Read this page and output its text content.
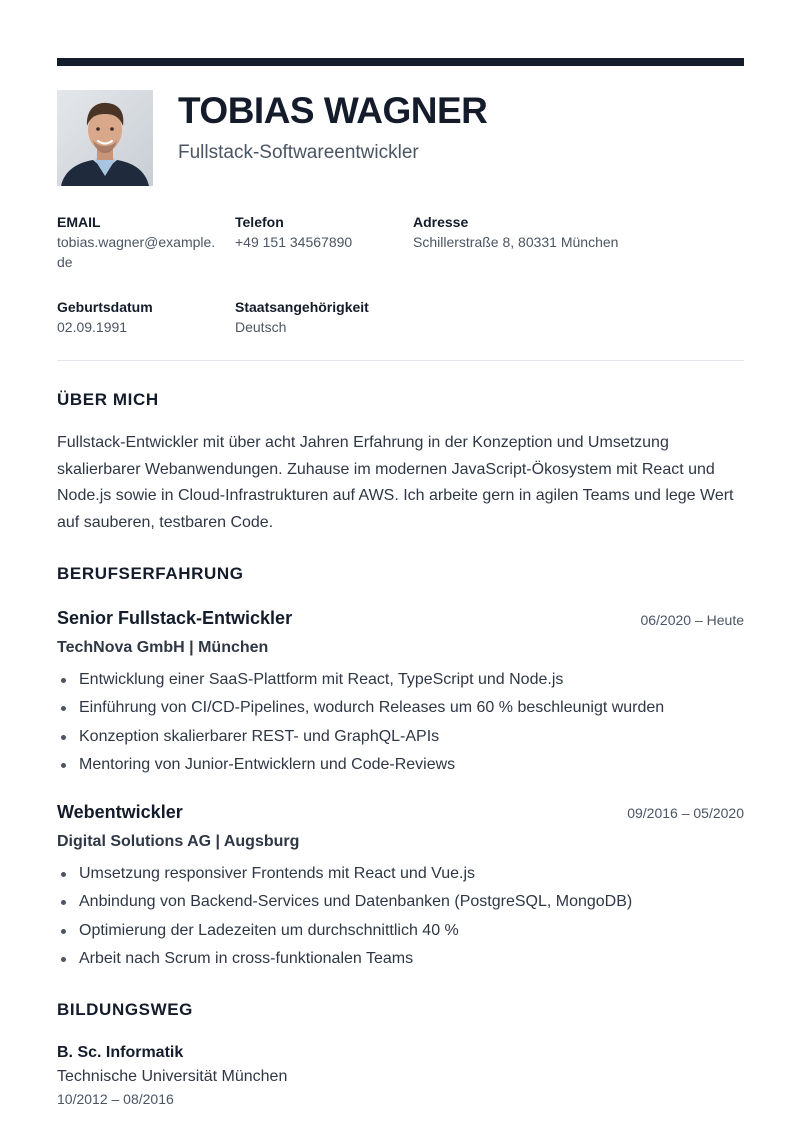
TOBIAS WAGNER
Fullstack-Softwareentwickler
EMAIL
tobias.wagner@example.de
Telefon
+49 151 34567890
Adresse
Schillerstraße 8, 80331 München
Geburtsdatum
02.09.1991
Staatsangehörigkeit
Deutsch
ÜBER MICH

Fullstack-Entwickler mit über acht Jahren Erfahrung in der Konzeption und Umsetzung skalierbarer Webanwendungen. Zuhause im modernen JavaScript-Ökosystem mit React und Node.js sowie in Cloud-Infrastrukturen auf AWS. Ich arbeite gern in agilen Teams und lege Wert auf sauberen, testbaren Code.

BERUFSERFAHRUNG
Senior Fullstack-Entwickler	06/2020 – Heute
TechNova GmbH | München
Entwicklung einer SaaS-Plattform mit React, TypeScript und Node.js
Einführung von CI/CD-Pipelines, wodurch Releases um 60 % beschleunigt wurden
Konzeption skalierbarer REST- und GraphQL-APIs
Mentoring von Junior-Entwicklern und Code-Reviews
Webentwickler	09/2016 – 05/2020
Digital Solutions AG | Augsburg
Umsetzung responsiver Frontends mit React und Vue.js
Anbindung von Backend-Services und Datenbanken (PostgreSQL, MongoDB)
Optimierung der Ladezeiten um durchschnittlich 40 %
Arbeit nach Scrum in cross-funktionalen Teams
BILDUNGSWEG
B. Sc. Informatik
Technische Universität München
10/2012 – 08/2016
